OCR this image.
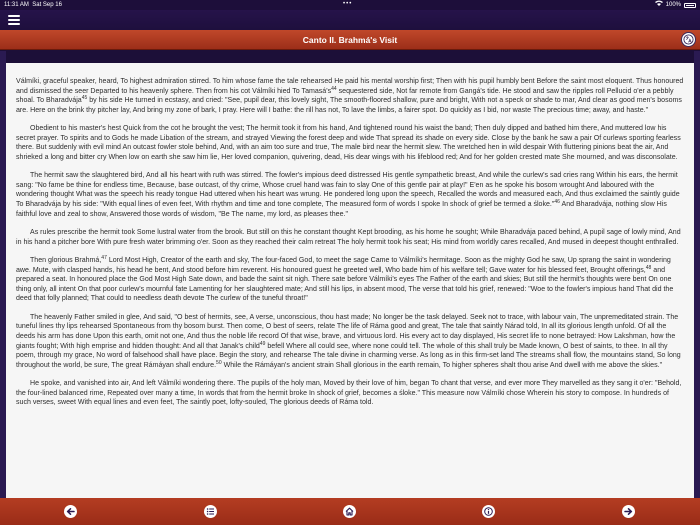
11:31 AM Sat Sep 16	•••	100%
Canto II. Brahmá's Visit

Válmíki, graceful speaker, heard, To highest admiration stirred. To him whose fame the tale rehearsed He paid his mental worship first; Then with his pupil humbly bent Before the saint most eloquent. Thus honoured and dismissed the seer Departed to his heavenly sphere. Then from his cot Válmíki hied To $Tamasá's^{44}$ sequestered side, Not far remote from Gangá's tide. He stood and saw the ripples roll Pellucid o'er a pebbly shoal. To Bharadvája$^{45}$ by his side He turned in ecstasy, and cried: "See, pupil dear, this lovely sight, The smooth-floored shallow, pure and bright, With not a speck or shade to mar, And clear as good men's bosoms are. Here on the brink thy pitcher lay, And bring my zone of bark, I pray. Here will I bathe: the rill has not, To lave the limbs, a fairer spot. Do quickly as I bid, nor waste The precious time; away, and haste."

Obedient to his master's hest Quick from the cot he brought the vest; The hermit took it from his hand, And tightened round his waist the band; Then duly dipped and bathed him there, And muttered low his secret prayer. To spirits and to Gods he made Libation of the stream, and strayed Viewing the forest deep and wide That spread its shade on every side. Close by the bank he saw a pair Of curlews sporting fearless there. But suddenly with evil mind An outcast fowler stole behind, And, with an aim too sure and true, The male bird near the hermit slew. The wretched hen in wild despair With fluttering pinions beat the air, And shrieked a long and bitter cry When low on earth she saw him lie, Her loved companion, quivering, dead, His dear wings with his lifeblood red; And for her golden crested mate She mourned, and was disconsolate.

The hermit saw the slaughtered bird, And all his heart with ruth was stirred. The fowler's impious deed distressed His gentle sympathetic breast, And while the curlew's sad cries rang Within his ears, the hermit sang: "No fame be thine for endless time, Because, base outcast, of thy crime, Whose cruel hand was fain to slay One of this gentle pair at play!" E'en as he spoke his bosom wrought And laboured with the wondering thought What was the speech his ready tongue Had uttered when his heart was wrung. He pondered long upon the speech, Recalled the words and measured each, And thus exclaimed the saintly guide To Bharadvája by his side: "With equal lines of even feet, With rhythm and time and tone complete, The measured form of words I spoke In shock of grief be termed a śloke."$^{46}$ And Bharadvája, nothing slow His faithful love and zeal to show, Answered those words of wisdom, "Be The name, my lord, as pleases thee."

As rules prescribe the hermit took Some lustral water from the brook. But still on this he constant thought Kept brooding, as his home he sought; While Bharadvája paced behind, A pupil sage of lowly mind, And in his hand a pitcher bore With pure fresh water brimming o'er. Soon as they reached their calm retreat The holy hermit took his seat; His mind from worldly cares recalled, And mused in deepest thought enthralled.

Then glorious Brahmá,$^{47}$ Lord Most High, Creator of the earth and sky, The four-faced God, to meet the sage Came to Válmíki's hermitage. Soon as the mighty God he saw, Up sprang the saint in wondering awe. Mute, with clasped hands, his head he bent, And stood before him reverent. His honoured guest he greeted well, Who bade him of his welfare tell; Gave water for his blessed feet, Brought offerings,$^{48}$ and prepared a seat. In honoured place the God Most High Sate down, and bade the saint sit nigh. There sate before Válmíki's eyes The Father of the earth and skies; But still the hermit's thoughts were bent On one thing only, all intent On that poor curlew's mournful fate Lamenting for her slaughtered mate; And still his lips, in absent mood, The verse that told his grief, renewed: "Woe to the fowler's impious hand That did the deed that folly planned; That could to needless death devote The curlew of the tuneful throat!"

The heavenly Father smiled in glee, And said, "O best of hermits, see, A verse, unconscious, thou hast made; No longer be the task delayed. Seek not to trace, with labour vain, The unpremeditated strain. The tuneful lines thy lips rehearsed Spontaneous from thy bosom burst. Then come, O best of seers, relate The life of Ráma good and great, The tale that saintly Nárad told, In all its glorious length unfold. Of all the deeds his arm has done Upon this earth, omit not one, And thus the noble life record Of that wise, brave, and virtuous lord. His every act to day displayed, His secret life to none betrayed: How Lakshman, how the giants fought; With high emprise and hidden thought: And all that Janak's child$^{49}$ befell Where all could see, where none could tell. The whole of this shall truly be Made known, O best of saints, to thee. In all thy poem, through my grace, No word of falsehood shall have place. Begin the story, and rehearse The tale divine in charming verse. As long as in this firm-set land The streams shall flow, the mountains stand, So long throughout the world, be sure, The great Rámáyan shall endure.$^{50}$ While the Rámáyan's ancient strain Shall glorious in the earth remain, To higher spheres shalt thou arise And dwell with me above the skies."

He spoke, and vanished into air, And left Válmíki wondering there. The pupils of the holy man, Moved by their love of him, began To chant that verse, and ever more They marvelled as they sang it o'er: "Behold, the four-lined balanced rime, Repeated over many a time, In words that from the hermit broke In shock of grief, becomes a śloke." This measure now Válmíki chose Wherein his story to compose. In hundreds of such verses, sweet With equal lines and even feet, The saintly poet, lofty-souled, The glorious deeds of Ráma told.
